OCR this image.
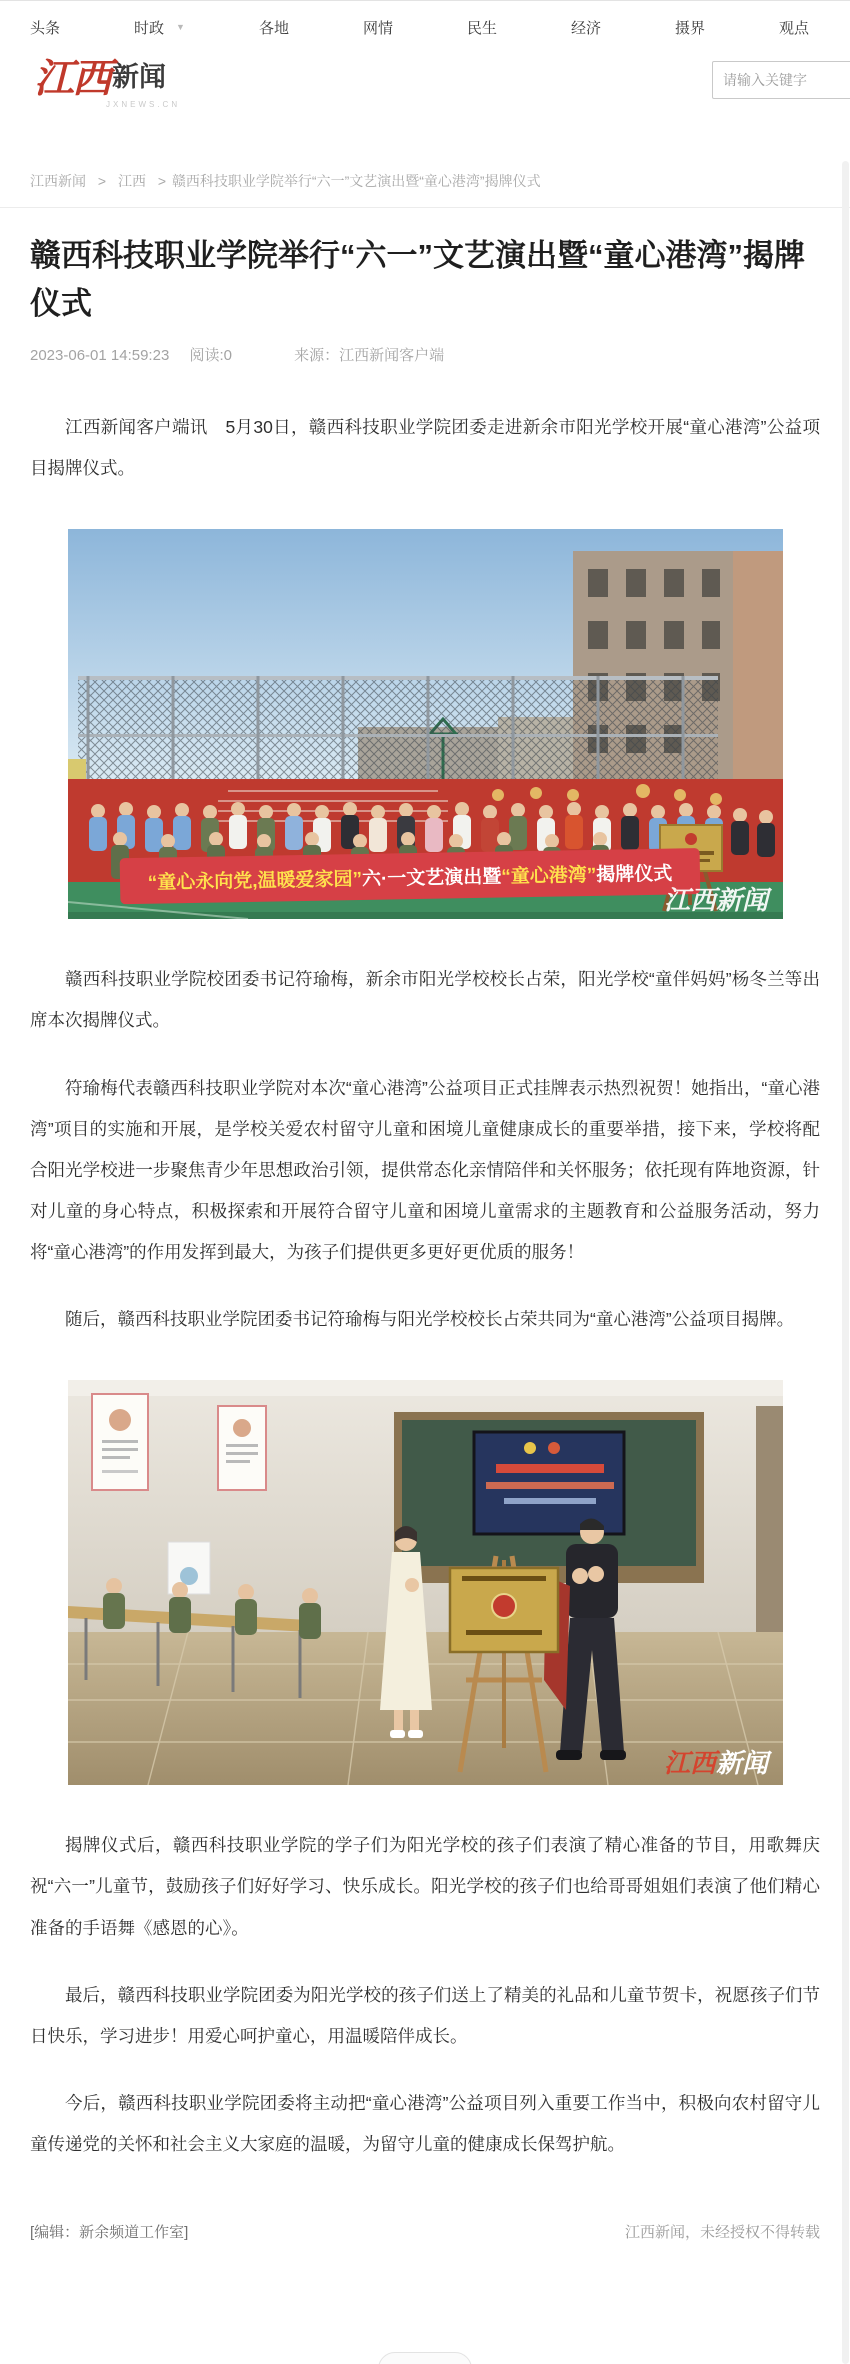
头条	时政 ▼	各地	网情	民生	经济	摄界	观点
江西新闻
JXNEWS.CN
请输入关键字
江西新闻 > 江西 > 赣西科技职业学院举行“六一”文艺演出暨“童心港湾”揭牌仪式
赣西科技职业学院举行“六一”文艺演出暨“童心港湾”揭牌仪式
2023-06-01 14:59:23 阅读:0	来源：江西新闻客户端

江西新闻客户端讯　5月30日，赣西科技职业学院团委走进新余市阳光学校开展“童心港湾”公益项目揭牌仪式。

“童心永向党,温暖爱家园”六·一文艺演出暨“童心港湾”揭牌仪式
江西新闻

赣西科技职业学院校团委书记符瑜梅，新余市阳光学校校长占荣，阳光学校“童伴妈妈”杨冬兰等出席本次揭牌仪式。

符瑜梅代表赣西科技职业学院对本次“童心港湾”公益项目正式挂牌表示热烈祝贺！她指出，“童心港湾”项目的实施和开展，是学校关爱农村留守儿童和困境儿童健康成长的重要举措，接下来，学校将配合阳光学校进一步聚焦青少年思想政治引领，提供常态化亲情陪伴和关怀服务；依托现有阵地资源，针对儿童的身心特点，积极探索和开展符合留守儿童和困境儿童需求的主题教育和公益服务活动，努力将“童心港湾”的作用发挥到最大，为孩子们提供更多更好更优质的服务！

随后，赣西科技职业学院团委书记符瑜梅与阳光学校校长占荣共同为“童心港湾”公益项目揭牌。

江西新闻

揭牌仪式后，赣西科技职业学院的学子们为阳光学校的孩子们表演了精心准备的节目，用歌舞庆祝“六一”儿童节，鼓励孩子们好好学习、快乐成长。阳光学校的孩子们也给哥哥姐姐们表演了他们精心准备的手语舞《感恩的心》。

最后，赣西科技职业学院团委为阳光学校的孩子们送上了精美的礼品和儿童节贺卡，祝愿孩子们节日快乐，学习进步！用爱心呵护童心，用温暖陪伴成长。

今后，赣西科技职业学院团委将主动把“童心港湾”公益项目列入重要工作当中，积极向农村留守儿童传递党的关怀和社会主义大家庭的温暖，为留守儿童的健康成长保驾护航。

[编辑：新余频道工作室]	江西新闻，未经授权不得转载
